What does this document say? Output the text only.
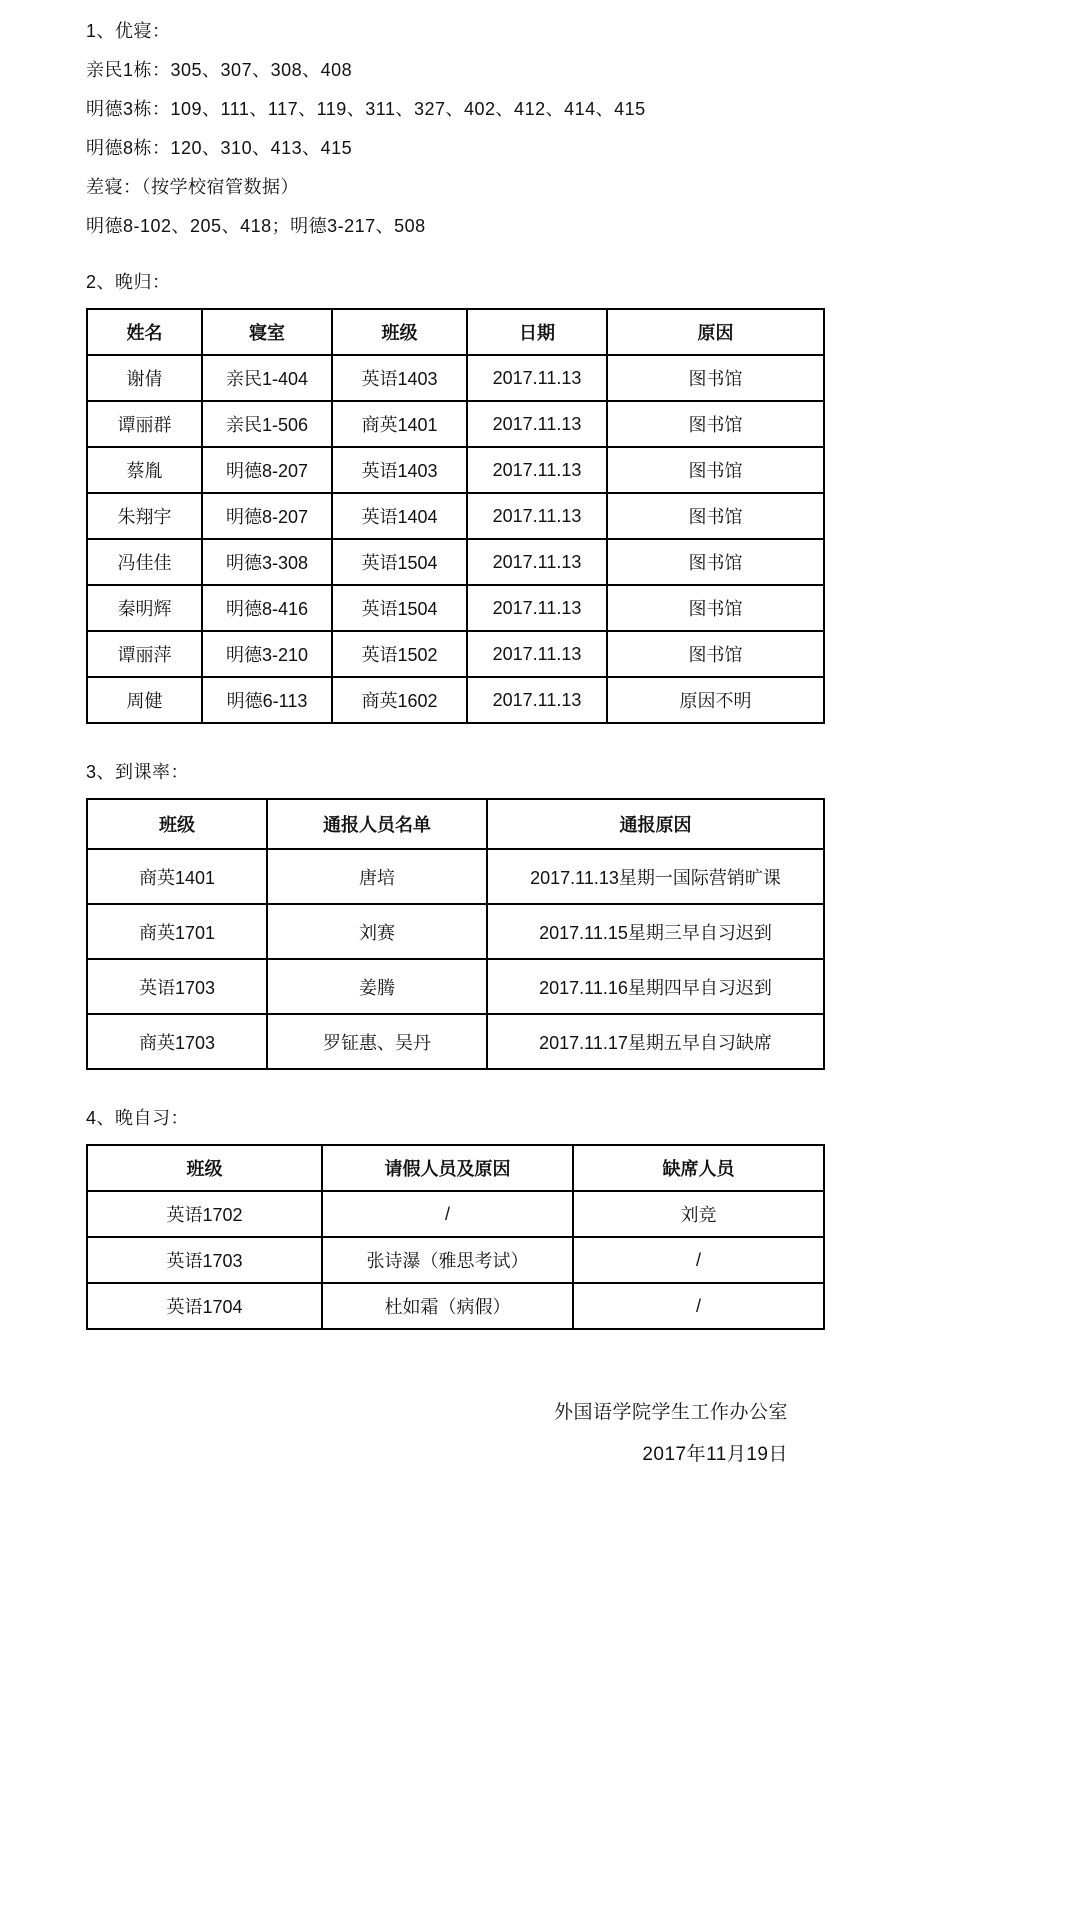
1、优寝：

亲民1栋：305、307、308、408

明德3栋：109、111、117、119、311、327、402、412、414、415

明德8栋：120、310、413、415

差寝：（按学校宿管数据）

明德8-102、205、418；明德3-217、508

2、晚归：

姓名	寝室	班级	日期	原因
谢倩	亲民1-404	英语1403	2017.11.13	图书馆
谭丽群	亲民1-506	商英1401	2017.11.13	图书馆
蔡胤	明德8-207	英语1403	2017.11.13	图书馆
朱翔宇	明德8-207	英语1404	2017.11.13	图书馆
冯佳佳	明德3-308	英语1504	2017.11.13	图书馆
秦明辉	明德8-416	英语1504	2017.11.13	图书馆
谭丽萍	明德3-210	英语1502	2017.11.13	图书馆
周健	明德6-113	商英1602	2017.11.13	原因不明

3、到课率：

班级	通报人员名单	通报原因
商英1401	唐培	2017.11.13星期一国际营销旷课
商英1701	刘赛	2017.11.15星期三早自习迟到
英语1703	姜腾	2017.11.16星期四早自习迟到
商英1703	罗钲惠、吴丹	2017.11.17星期五早自习缺席

4、晚自习：

班级	请假人员及原因	缺席人员
英语1702	/	刘竞
英语1703	张诗瀑（雅思考试）	/
英语1704	杜如霜（病假）	/

外国语学院学生工作办公室

2017年11月19日
